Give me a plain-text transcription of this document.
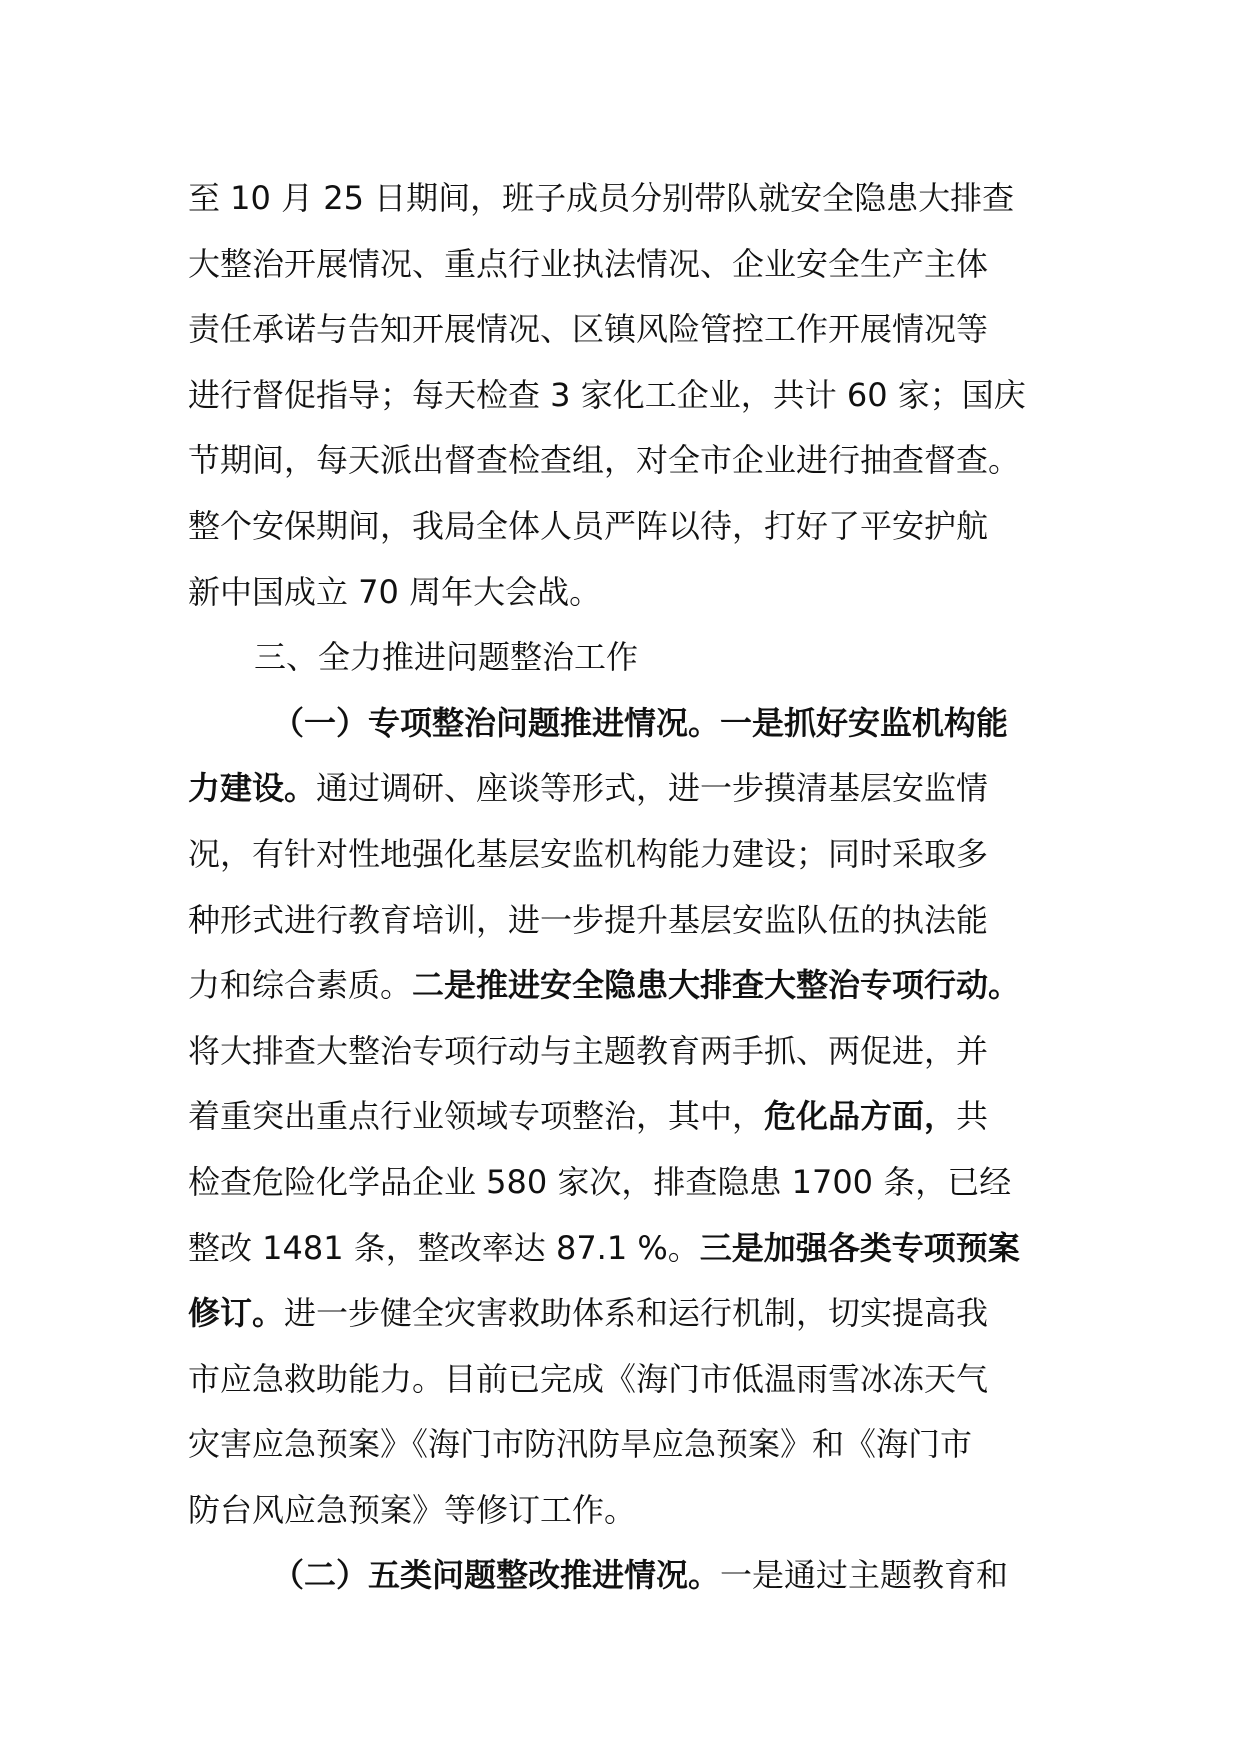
至 10 月 25 日期间，班子成员分别带队就安全隐患大排查
大整治开展情况、重点行业执法情况、企业安全生产主体
责任承诺与告知开展情况、区镇风险管控工作开展情况等
进行督促指导；每天检查 3 家化工企业，共计 60 家；国庆
节期间，每天派出督查检查组，对全市企业进行抽查督查。
整个安保期间，我局全体人员严阵以待，打好了平安护航
新中国成立 70 周年大会战。
三、全力推进问题整治工作
（一）专项整治问题推进情况。一是抓好安监机构能
力建设。通过调研、座谈等形式，进一步摸清基层安监情
况，有针对性地强化基层安监机构能力建设；同时采取多
种形式进行教育培训，进一步提升基层安监队伍的执法能
力和综合素质。二是推进安全隐患大排查大整治专项行动。
将大排查大整治专项行动与主题教育两手抓、两促进，并
着重突出重点行业领域专项整治，其中，危化品方面，共
检查危险化学品企业 580 家次，排查隐患 1700 条，已经
整改 1481 条，整改率达 87.1 %。三是加强各类专项预案
修订。进一步健全灾害救助体系和运行机制，切实提高我
市应急救助能力。目前已完成《海门市低温雨雪冰冻天气
灾害应急预案》《海门市防汛防旱应急预案》和《海门市
防台风应急预案》等修订工作。
（二）五类问题整改推进情况。一是通过主题教育和
